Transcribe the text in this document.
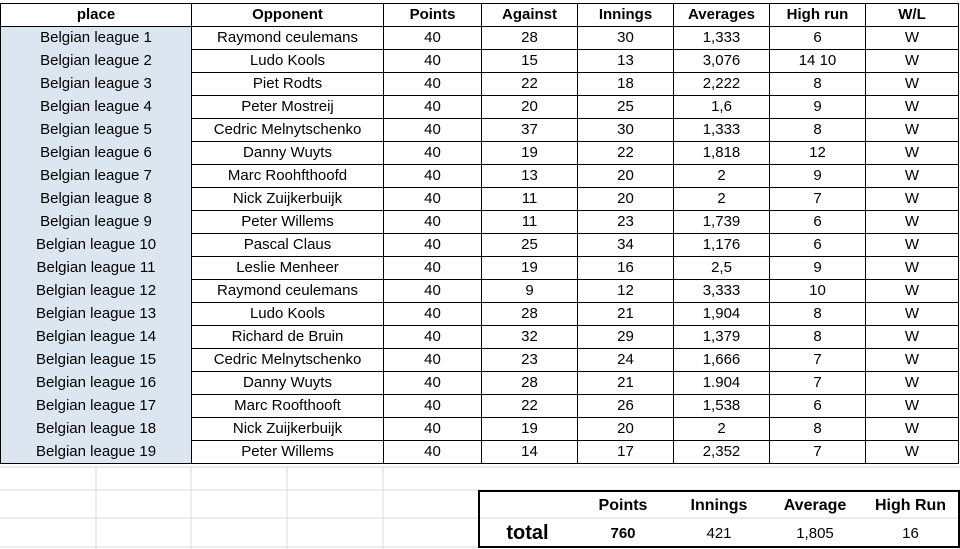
place	Opponent	Points	Against	Innings	Averages	High run	W/L
Belgian league 1	Raymond ceulemans	40	28	30	1,333	6	W
Belgian league 2	Ludo Kools	40	15	13	3,076	14 10	W
Belgian league 3	Piet Rodts	40	22	18	2,222	8	W
Belgian league 4	Peter Mostreij	40	20	25	1,6	9	W
Belgian league 5	Cedric Melnytschenko	40	37	30	1,333	8	W
Belgian league 6	Danny Wuyts	40	19	22	1,818	12	W
Belgian league 7	Marc Roohfthoofd	40	13	20	2	9	W
Belgian league 8	Nick Zuijkerbuijk	40	11	20	2	7	W
Belgian league 9	Peter Willems	40	11	23	1,739	6	W
Belgian league 10	Pascal Claus	40	25	34	1,176	6	W
Belgian league 11	Leslie Menheer	40	19	16	2,5	9	W
Belgian league 12	Raymond ceulemans	40	9	12	3,333	10	W
Belgian league 13	Ludo Kools	40	28	21	1,904	8	W
Belgian league 14	Richard de Bruin	40	32	29	1,379	8	W
Belgian league 15	Cedric Melnytschenko	40	23	24	1,666	7	W
Belgian league 16	Danny Wuyts	40	28	21	1.904	7	W
Belgian league 17	Marc Roofthooft	40	22	26	1,538	6	W
Belgian league 18	Nick Zuijkerbuijk	40	19	20	2	8	W
Belgian league 19	Peter Willems	40	14	17	2,352	7	W
	Points	Innings	Average	High Run
total	760	421	1,805	16
